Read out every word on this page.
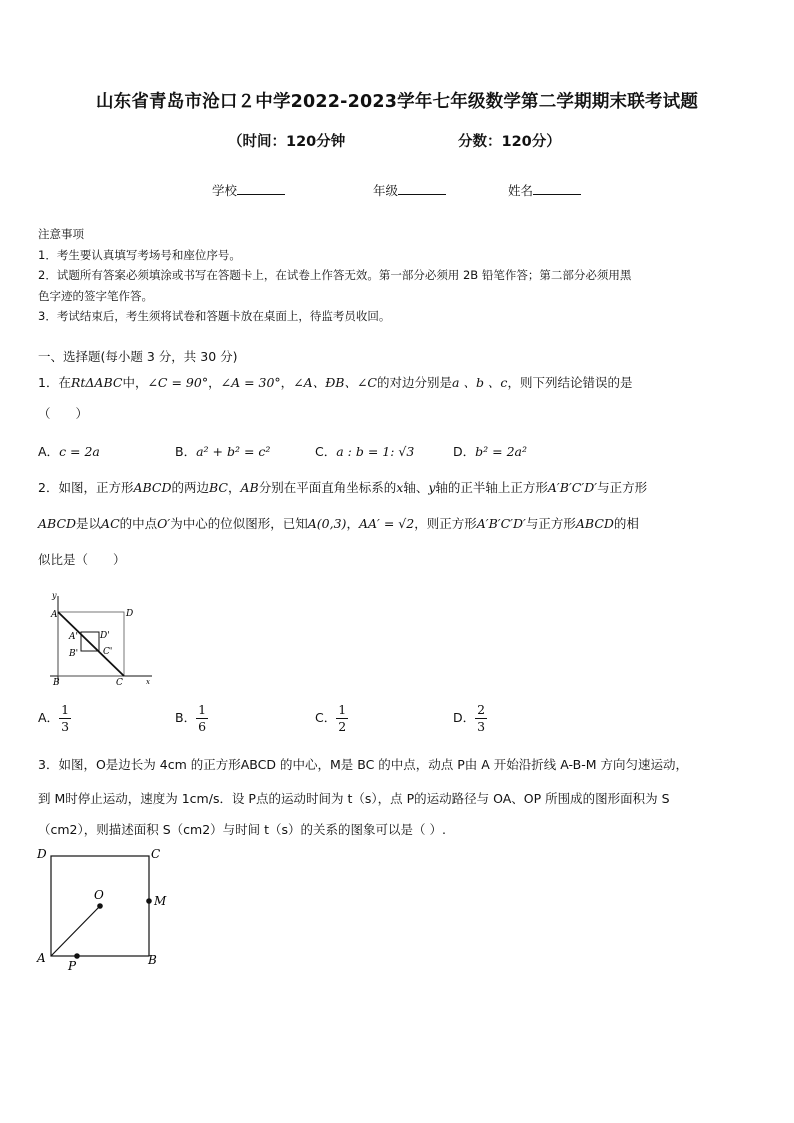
山东省青岛市沧口２中学2022-2023学年七年级数学第二学期期末联考试题
（时间：120分钟	分数：120分）
学校	年级	姓名
注意事项
1．考生要认真填写考场号和座位序号。
2．试题所有答案必须填涂或书写在答题卡上，在试卷上作答无效。第一部分必须用 2B 铅笔作答；第二部分必须用黑
色字迹的签字笔作答。
3．考试结束后，考生须将试卷和答题卡放在桌面上，待监考员收回。
一、选择题(每小题 3 分，共 30 分)
1．在RtΔABC中，∠C = 90°，∠A = 30°，∠A、ÐB、∠C的对边分别是a 、b 、c，则下列结论错误的是
（　　）
A．c = 2a	B．a² + b² = c²	C．a : b = 1: √3	D．b² = 2a²
2．如图，正方形ABCD的两边BC，AB分别在平面直角坐标系的x轴、y轴的正半轴上正方形A′B′C′D′与正方形
ABCD是以AC的中点O′为中心的位似图形，已知A(0,3)，AA′ = √2，则正方形A′B′C′D′与正方形ABCD的相
似比是（　　）
y
A	D
A' D'
B'	C'
B	C	x
A． $\frac{1}{3}$	B． $\frac{1}{6}$	C． $\frac{1}{2}$	D． $\frac{2}{3}$
3．如图，O是边长为 4cm 的正方形ABCD 的中心，M是 BC 的中点，动点 P由 A 开始沿折线 A-B-M 方向匀速运动，
到 M时停止运动，速度为 1cm/s．设 P点的运动时间为 t（s），点 P的运动路径与 OA、OP 所围成的图形面积为 S
（cm2），则描述面积 S（cm2）与时间 t（s）的关系的图象可以是（ ）.
D	C
O	M
A
P	B
